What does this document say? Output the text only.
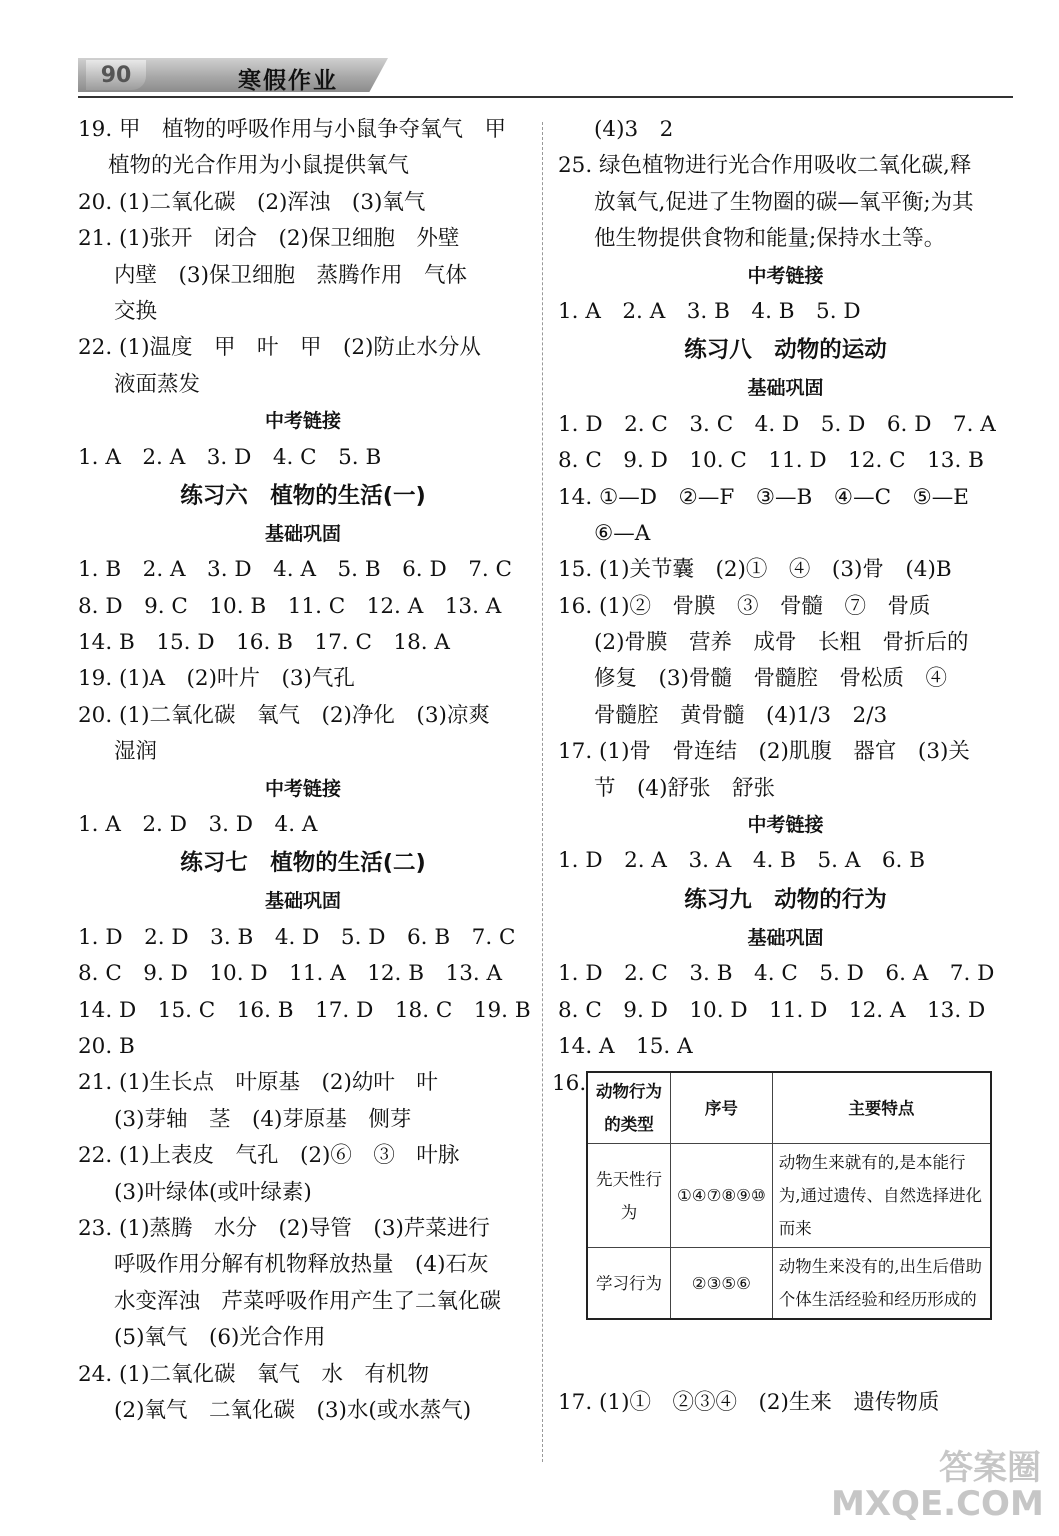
90	寒假作业
19. 甲　植物的呼吸作用与小鼠争夺氧气　甲
植物的光合作用为小鼠提供氧气
20. (1)二氧化碳　(2)浑浊　(3)氧气
21. (1)张开　闭合　(2)保卫细胞　外壁
内壁　(3)保卫细胞　蒸腾作用　气体
交换
22. (1)温度　甲　叶　甲　(2)防止水分从
液面蒸发
中考链接
1. A　2. A　3. D　4. C　5. B
练习六　植物的生活(一)
基础巩固
1. B　2. A　3. D　4. A　5. B　6. D　7. C
8. D　9. C　10. B　11. C　12. A　13. A
14. B　15. D　16. B　17. C　18. A
19. (1)A　(2)叶片　(3)气孔
20. (1)二氧化碳　氧气　(2)净化　(3)凉爽
湿润
中考链接
1. A　2. D　3. D　4. A
练习七　植物的生活(二)
基础巩固
1. D　2. D　3. B　4. D　5. D　6. B　7. C
8. C　9. D　10. D　11. A　12. B　13. A
14. D　15. C　16. B　17. D　18. C　19. B
20. B
21. (1)生长点　叶原基　(2)幼叶　叶
(3)芽轴　茎　(4)芽原基　侧芽
22. (1)上表皮　气孔　(2)⑥　③　叶脉
(3)叶绿体(或叶绿素)
23. (1)蒸腾　水分　(2)导管　(3)芹菜进行
呼吸作用分解有机物释放热量　(4)石灰
水变浑浊　芹菜呼吸作用产生了二氧化碳
(5)氧气　(6)光合作用
24. (1)二氧化碳　氧气　水　有机物
(2)氧气　二氧化碳　(3)水(或水蒸气)
(4)3　2
25. 绿色植物进行光合作用吸收二氧化碳,释
放氧气,促进了生物圈的碳—氧平衡;为其
他生物提供食物和能量;保持水土等。
中考链接
1. A　2. A　3. B　4. B　5. D
练习八　动物的运动
基础巩固
1. D　2. C　3. C　4. D　5. D　6. D　7. A
8. C　9. D　10. C　11. D　12. C　13. B
14. ①—D　②—F　③—B　④—C　⑤—E
⑥—A
15. (1)关节囊　(2)①　④　(3)骨　(4)B
16. (1)②　骨膜　③　骨髓　⑦　骨质
(2)骨膜　营养　成骨　长粗　骨折后的
修复　(3)骨髓　骨髓腔　骨松质　④
骨髓腔　黄骨髓　(4)1/3　2/3
17. (1)骨　骨连结　(2)肌腹　器官　(3)关
节　(4)舒张　舒张
中考链接
1. D　2. A　3. A　4. B　5. A　6. B
练习九　动物的行为
基础巩固
1. D　2. C　3. B　4. C　5. D　6. A　7. D
8. C　9. D　10. D　11. D　12. A　13. D
14. A　15. A
16. 动物行为的类型	序号	主要特点
先天性行为	①④⑦⑧⑨⑩	动物生来就有的,是本能行为,通过遗传、自然选择进化而来
学习行为	②③⑤⑥	动物生来没有的,出生后借助个体生活经验和经历形成的
17. (1)①　②③④　(2)生来　遗传物质
答案圈 MXQE.COM
